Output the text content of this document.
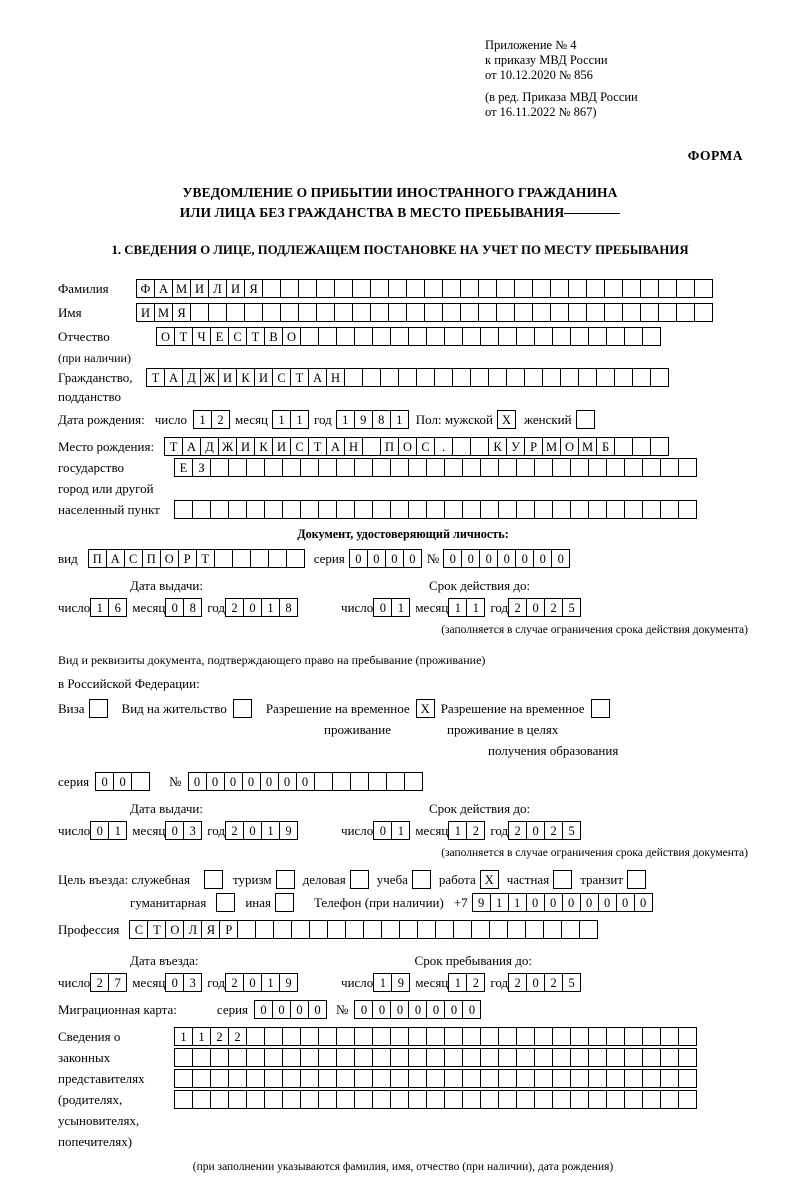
Приложение № 4
к приказу МВД России
от 10.12.2020 № 856
(в ред. Приказа МВД России
от 16.11.2022 № 867)
ФОРМА
УВЕДОМЛЕНИЕ О ПРИБЫТИИ ИНОСТРАННОГО ГРАЖДАНИНА
ИЛИ ЛИЦА БЕЗ ГРАЖДАНСТВА В МЕСТО ПРЕБЫВАНИЯ
1. СВЕДЕНИЯ О ЛИЦЕ, ПОДЛЕЖАЩЕМ ПОСТАНОВКЕ НА УЧЕТ ПО МЕСТУ ПРЕБЫВАНИЯ
Фамилия	Ф А М И Л И Я
Имя	И М Я
Отчество	О Т Ч Е С Т В О
(при наличии)
Гражданство,	Т А Д Ж И К И С Т А Н
подданство
Дата рождения: число 1 2 месяц 1 1 год 1 9 8 1	Пол: мужской X женский
Место рождения:	Т А Д Ж И К И С Т А Н	П О С .	К У Р М О М Б
государство	Е З
город или другой
населенный пункт
Документ, удостоверяющий личность:
вид	П А С П О Р Т	серия 0 0 0 0 № 0 0 0 0 0 0 0
Дата выдачи:	Срок действия до:
число 1 6 месяц 0 8 год 2 0 1 8	число 0 1 месяц 1 1 год 2 0 2 5
(заполняется в случае ограничения срока действия документа)
Вид и реквизиты документа, подтверждающего право на пребывание (проживание)
в Российской Федерации:
Виза	Вид на жительство	Разрешение на временное X Разрешение на временное
проживание	проживание в целях
получения образования
серия 0 0	№ 0 0 0 0 0 0 0
Дата выдачи:	Срок действия до:
число 0 1 месяц 0 3 год 2 0 1 9	число 0 1 месяц 1 2 год 2 0 2 5
(заполняется в случае ограничения срока действия документа)
Цель въезда: служебная	туризм деловая учеба работа X частная транзит
гуманитарная	иная	Телефон (при наличии) +7 9 1 1 0 0 0 0 0 0 0
Профессия	С Т О Л Я Р
Дата въезда:	Срок пребывания до:
число 2 7 месяц 0 3 год 2 0 1 9	число 1 9 месяц 1 2 год 2 0 2 5
Миграционная карта:	серия 0 0 0 0	№ 0 0 0 0 0 0 0
Сведения о	1 1 2 2
законных
представителях
(родителях,
усыновителях,
попечителях)
(при заполнении указываются фамилия, имя, отчество (при наличии), дата рождения)
